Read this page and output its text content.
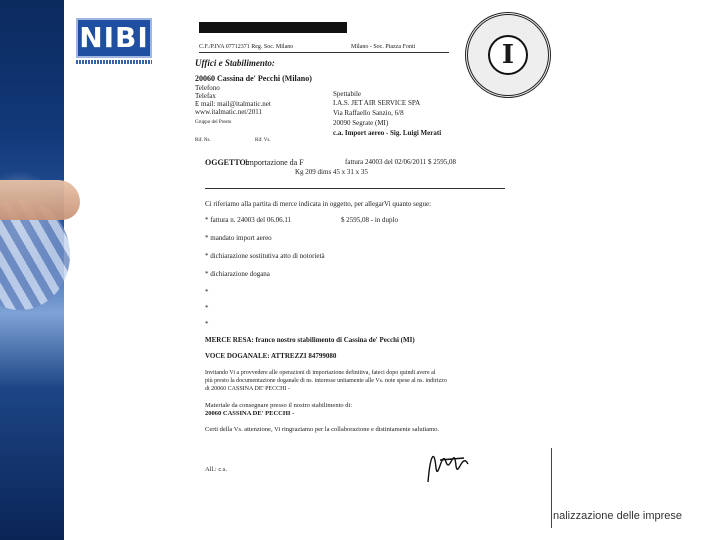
NIBI	C.F./P.IVA 07712371 Reg. Soc. Milano	Milano - Soc. Piazza Fonti
Uffici e Stabilimento:
20060 Cassina de' Pecchi (Milano)
Telefono
Telefax
E mail: mail@italmatic.net
www.italmatic.net/2011
Gruppo del Presto
Rif. Ns.	Rif. Vs.
Spettabile
I.A.S. JET AIR SERVICE SPA
Via Raffaello Sanzio, 6/8
20090 Segrate (MI)
c.a. Import aereo - Sig. Luigi Merati
I
OGGETTO:
Importazione da F	fattura 24003 del 02/06/2011 $ 2595,08
Kg 209 dims 45 x 31 x 35
Ci riferiamo alla partita di merce indicata in oggetto, per allegarVi quanto segue:
* fattura n. 24003 del 06.06.11	$ 2595,08 - in duplo
* mandato import aereo
* dichiarazione sostitutiva atto di notorietà
* dichiarazione dogana
*
*
*
MERCE RESA: franco nostro stabilimento di Cassina de' Pecchi (MI)
VOCE DOGANALE: ATTREZZI 84799080
Invitando Vi a provvedere alle operazioni di importazione definitiva, fateci dopo quindi avere al
più presto la documentazione doganale di ns. interesse unitamente alle Vs. note spese al ns. indirizzo
di 20060 CASSINA DE' PECCHI -
Materiale da consegnare presso il nostro stabilimento di:
20060 CASSINA DE' PECCHI -
Certi della Vs. attenzione, Vi ringraziamo per la collaborazione e distintamente salutiamo.
All.: c.s.
nalizzazione delle imprese
